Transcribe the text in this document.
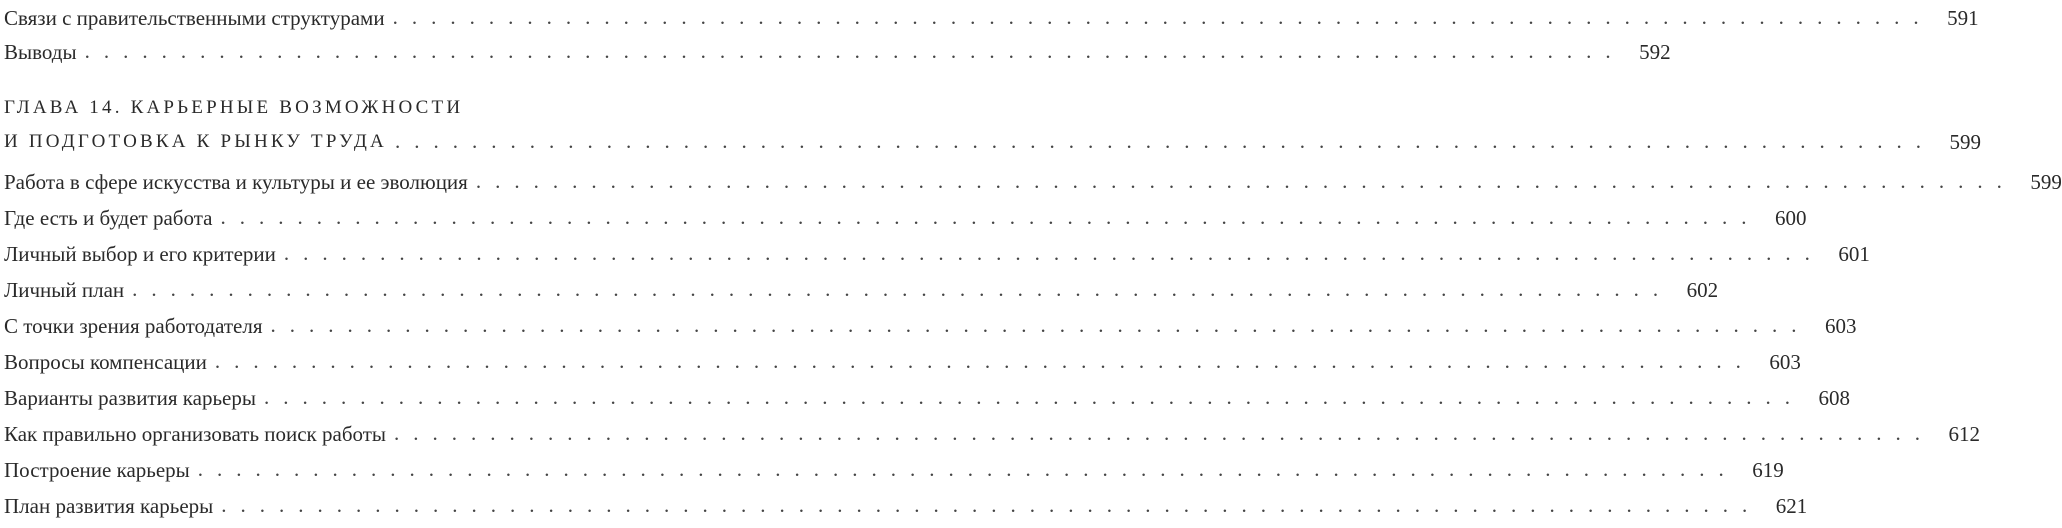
Связи с правительственными структурами ................................................................................ 591
Выводы ................................................................................ 592
ГЛАВА 14. КАРЬЕРНЫЕ ВОЗМОЖНОСТИ
И ПОДГОТОВКА К РЫНКУ ТРУДА ................................................................................ 599
Работа в сфере искусства и культуры и ее эволюция ................................................................................ 599
Где есть и будет работа ................................................................................ 600
Личный выбор и его критерии ................................................................................ 601
Личный план ................................................................................ 602
С точки зрения работодателя ................................................................................ 603
Вопросы компенсации ................................................................................ 603
Варианты развития карьеры ................................................................................ 608
Как правильно организовать поиск работы ................................................................................ 612
Построение карьеры ................................................................................ 619
План развития карьеры ................................................................................ 621
